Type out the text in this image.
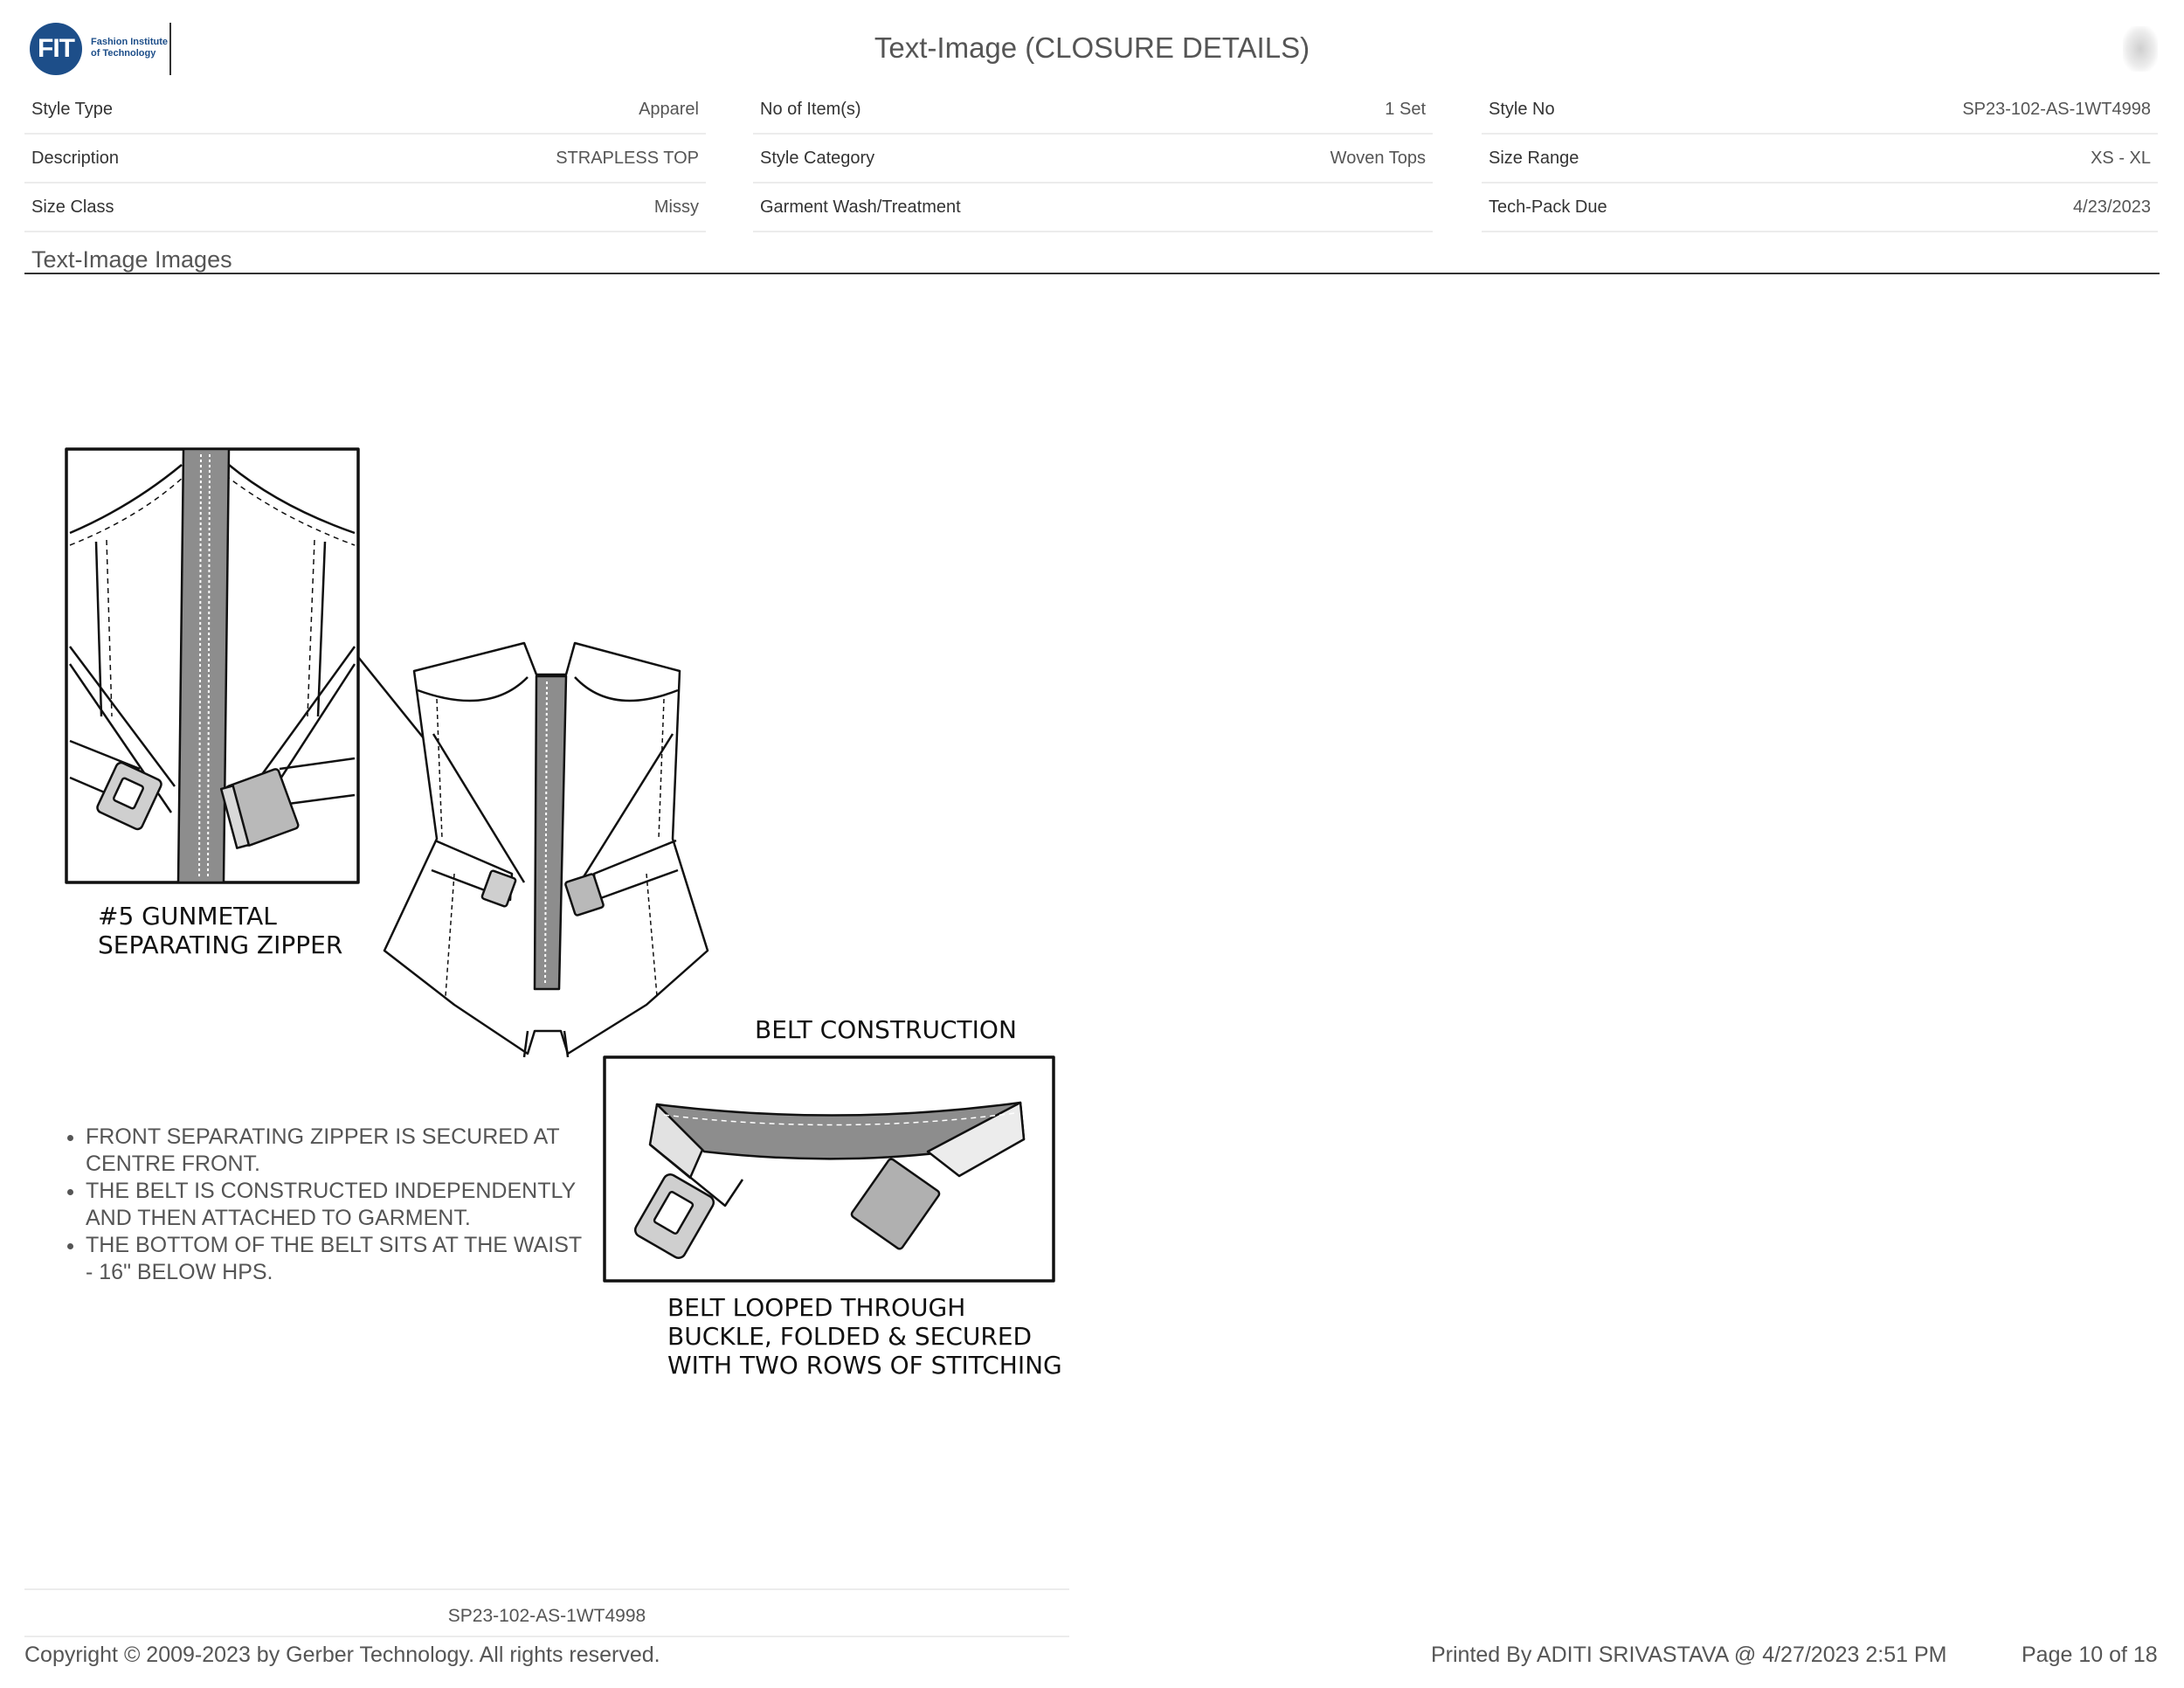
FIT Fashion Institute of Technology	Text-Image (CLOSURE DETAILS)
Style Type	Apparel
Description	STRAPLESS TOP
Size Class	Missy
No of Item(s)	1 Set
Style Category	Woven Tops
Garment Wash/Treatment
Style No	SP23-102-AS-1WT4998
Size Range	XS - XL
Tech-Pack Due	4/23/2023
Text-Image Images
#5 GUNMETAL
SEPARATING ZIPPER
BELT CONSTRUCTION
BELT LOOPED THROUGH
BUCKLE, FOLDED & SECURED
WITH TWO ROWS OF STITCHING
• FRONT SEPARATING ZIPPER IS SECURED AT CENTRE FRONT.
• THE BELT IS CONSTRUCTED INDEPENDENTLY AND THEN ATTACHED TO GARMENT.
• THE BOTTOM OF THE BELT SITS AT THE WAIST - 16" BELOW HPS.
SP23-102-AS-1WT4998
Copyright © 2009-2023 by Gerber Technology. All rights reserved.	Printed By ADITI SRIVASTAVA @ 4/27/2023 2:51 PM	Page 10 of 18
